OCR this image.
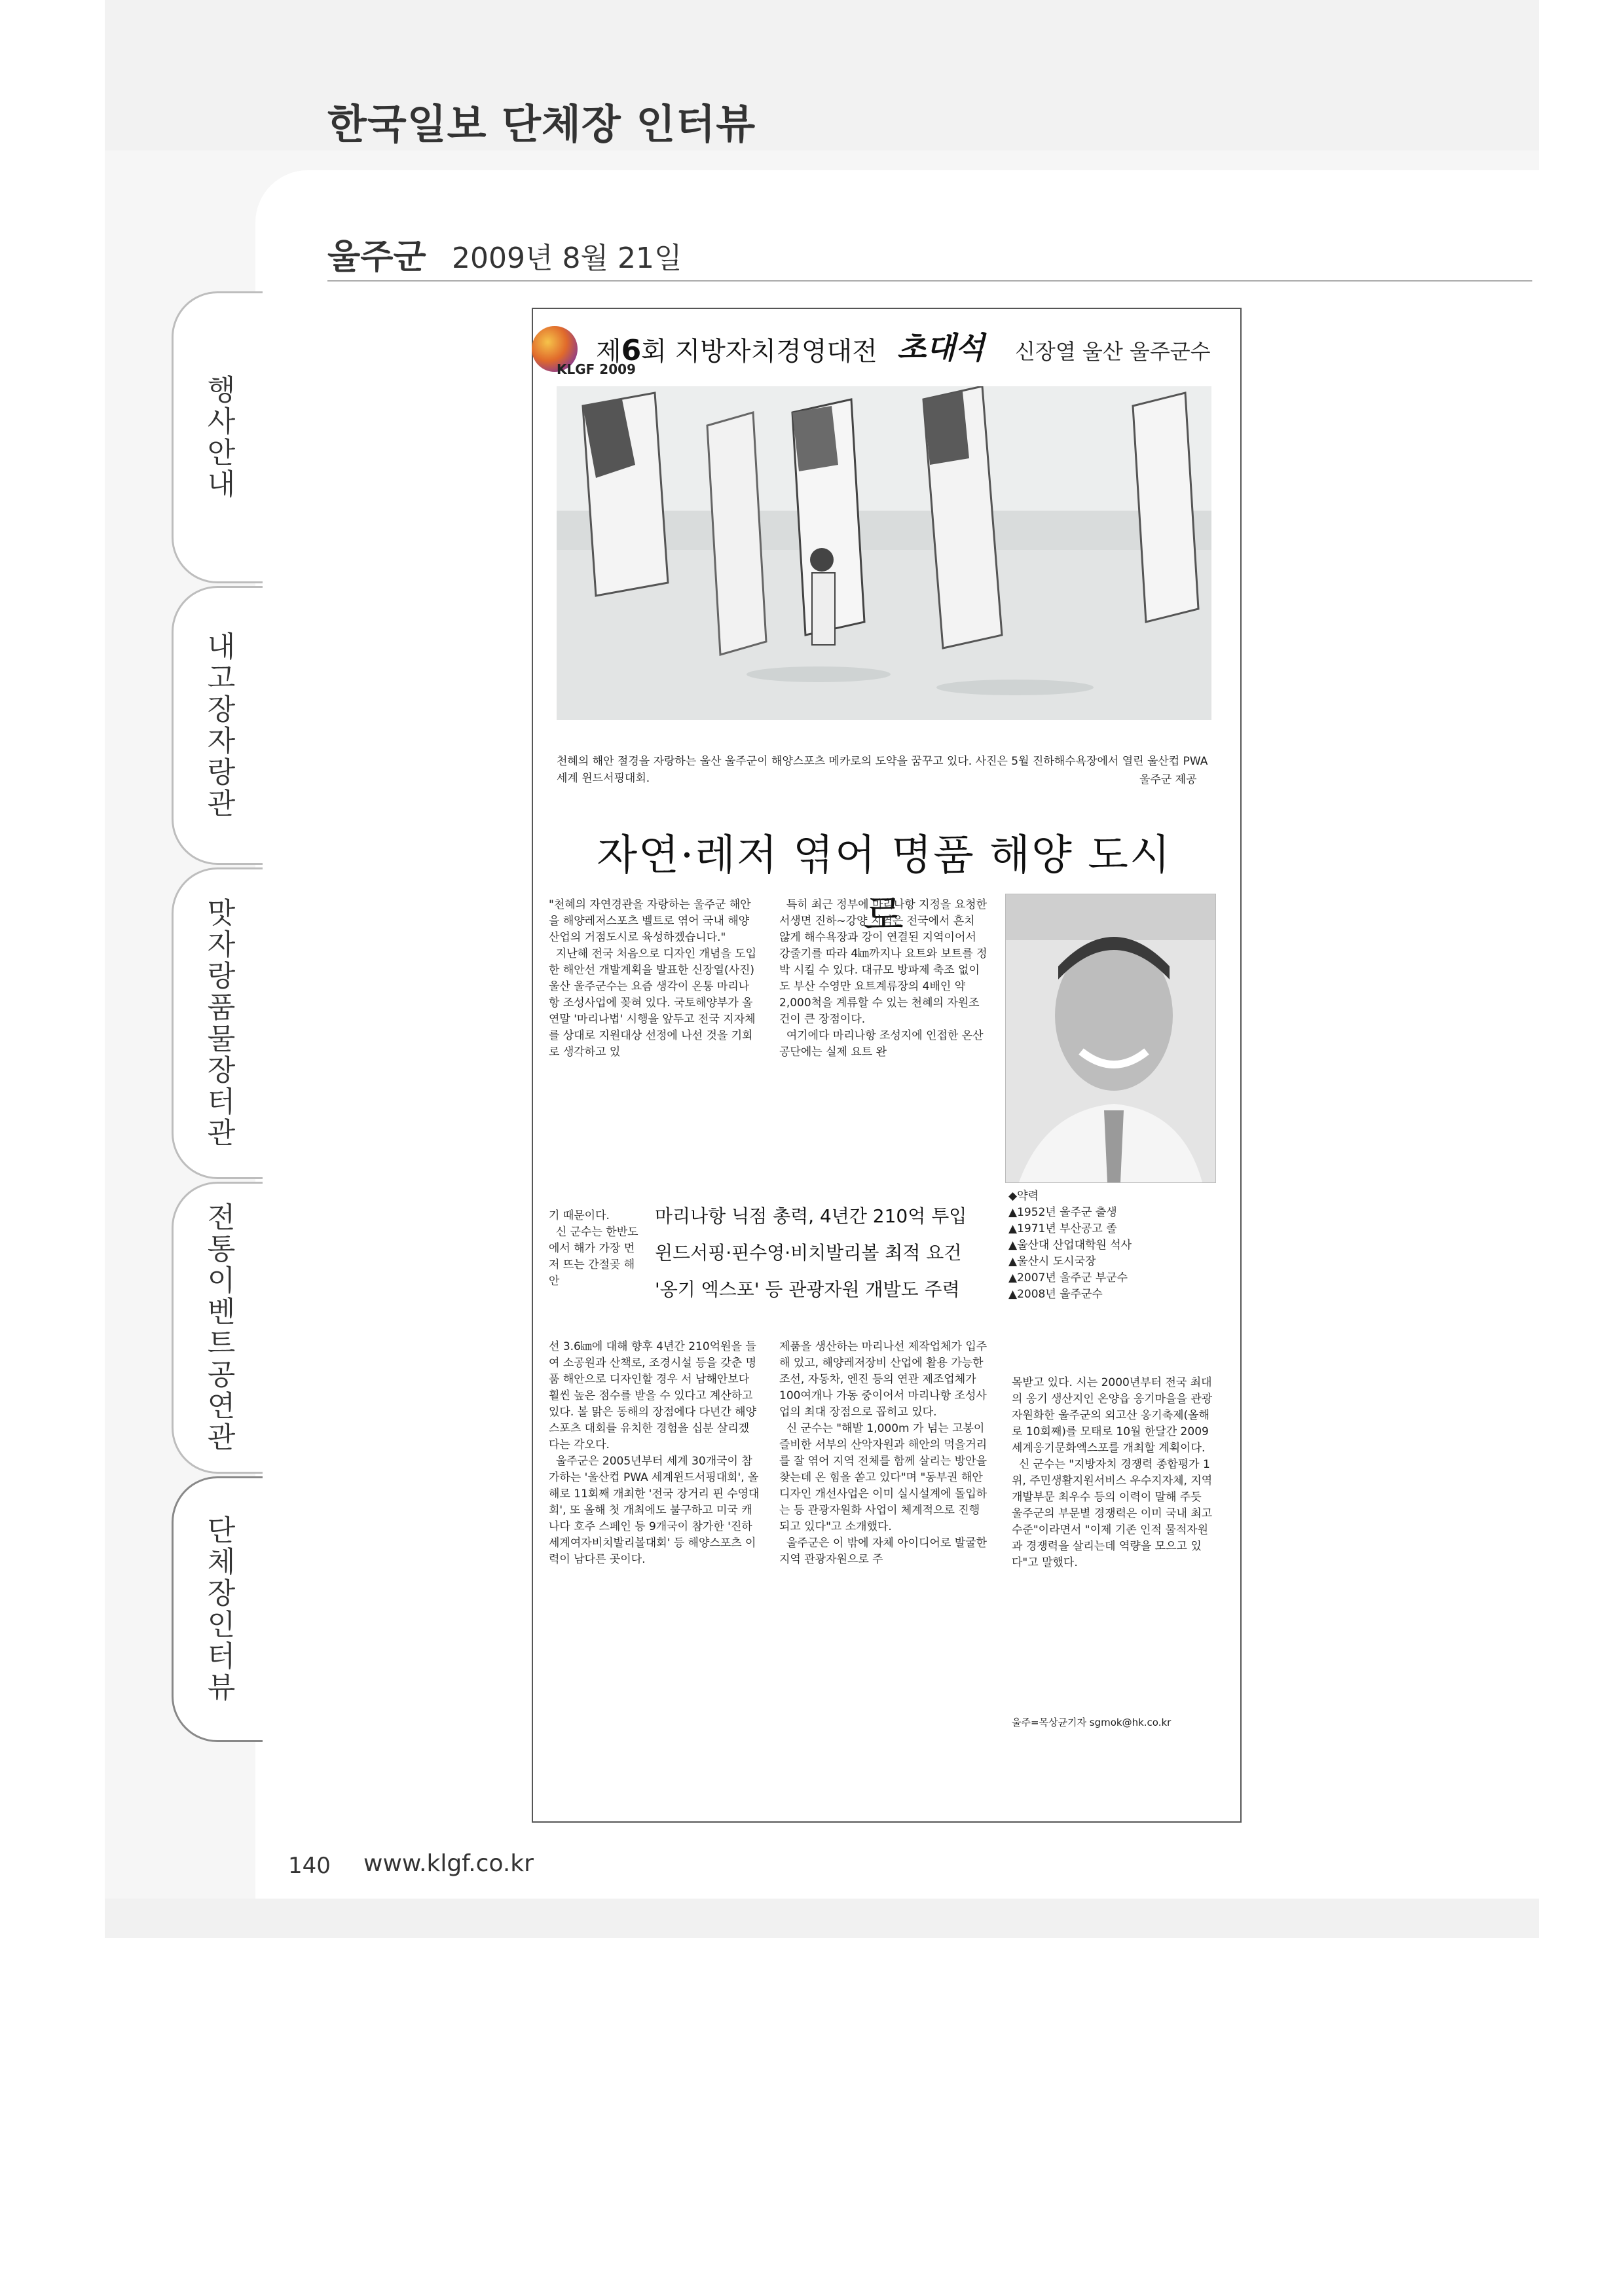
한국일보 단체장 인터뷰
울주군 2009년 8월 21일
행사안내
내고장자랑관
맛자랑품물장터관
전통이벤트공연관
단체장인터뷰
KLGF 2009
제6회 지방자치경영대전 초대석 신장열 울산 울주군수
천혜의 해안 절경을 자랑하는 울산 울주군이 해양스포츠 메카로의 도약을 꿈꾸고 있다. 사진은 5월 진하해수욕장에서 열린 울산컵 PWA 세계 윈드서핑대회.	울주군 제공
자연·레저 엮어 명품 해양 도시로
"천혜의 자연경관을 자랑하는 울주군 해안을 해양레저스포츠 벨트로 엮어 국내 해양산업의 거점도시로 육성하겠습니다."
지난해 전국 처음으로 디자인 개념을 도입한 해안선 개발계획을 발표한 신장열(사진) 울산 울주군수는 요즘 생각이 온통 마리나항 조성사업에 꽂혀 있다. 국토해양부가 올 연말 '마리나법' 시행을 앞두고 전국 지자체를 상대로 지원대상 선정에 나선 것을 기회로 생각하고 있
기 때문이다.
신 군수는 한반도에서 해가 가장 먼저 뜨는 간절곶 해안
선 3.6㎞에 대해 향후 4년간 210억원을 들여 소공원과 산책로, 조경시설 등을 갖춘 명품 해안으로 디자인할 경우 서 남해안보다 훨씬 높은 점수를 받을 수 있다고 계산하고 있다. 볼 맑은 동해의 장점에다 다년간 해양스포츠 대회를 유치한 경험을 십분 살리겠다는 각오다.
울주군은 2005년부터 세계 30개국이 참가하는 '울산컵 PWA 세계윈드서핑대회', 올해로 11회째 개최한 '전국 장거리 핀 수영대회', 또 올해 첫 개최에도 불구하고 미국 캐나다 호주 스페인 등 9개국이 참가한 '진하 세계여자비치발리볼대회' 등 해양스포츠 이력이 남다른 곳이다.
특히 최근 정부에 마리나항 지정을 요청한 서생면 진하~강양 지역은 전국에서 흔치 않게 해수욕장과 강이 연결된 지역이어서 강줄기를 따라 4㎞까지나 요트와 보트를 정박 시킬 수 있다. 대규모 방파제 축조 없이도 부산 수영만 요트계류장의 4배인 약 2,000척을 계류할 수 있는 천혜의 자원조건이 큰 장점이다.
여기에다 마리나항 조성지에 인접한 온산공단에는 실제 요트 완
제품을 생산하는 마리나선 제작업체가 입주해 있고, 해양레저장비 산업에 활용 가능한 조선, 자동차, 엔진 등의 연관 제조업체가 100여개나 가동 중이어서 마리나항 조성사업의 최대 장점으로 꼽히고 있다.
신 군수는 "해발 1,000m 가 넘는 고봉이 즐비한 서부의 산악자원과 해안의 먹을거리를 잘 엮어 지역 전체를 함께 살리는 방안을 찾는데 온 힘을 쏟고 있다"며 "동부권 해안디자인 개선사업은 이미 실시설계에 돌입하는 등 관광자원화 사업이 체계적으로 진행되고 있다"고 소개했다.
울주군은 이 밖에 자체 아이디어로 발굴한 지역 관광자원으로 주
목받고 있다. 시는 2000년부터 전국 최대의 옹기 생산지인 온양읍 옹기마을을 관광자원화한 울주군의 외고산 옹기축제(올해로 10회째)를 모태로 10월 한달간 2009 세계옹기문화엑스포를 개최할 계획이다.
신 군수는 "지방자치 경쟁력 종합평가 1위, 주민생활지원서비스 우수지자체, 지역개발부문 최우수 등의 이력이 말해 주듯 울주군의 부문별 경쟁력은 이미 국내 최고 수준"이라면서 "이제 기존 인적 물적자원과 경쟁력을 살리는데 역량을 모으고 있다"고 말했다.
마리나항 닉점 총력, 4년간 210억 투입
윈드서핑·핀수영·비치발리볼 최적 요건
'옹기 엑스포' 등 관광자원 개발도 주력
◆약력
▲1952년 울주군 출생
▲1971년 부산공고 졸
▲울산대 산업대학원 석사
▲울산시 도시국장
▲2007년 울주군 부군수
▲2008년 울주군수
울주=목상균기자 sgmok@hk.co.kr
140 www.klgf.co.kr
